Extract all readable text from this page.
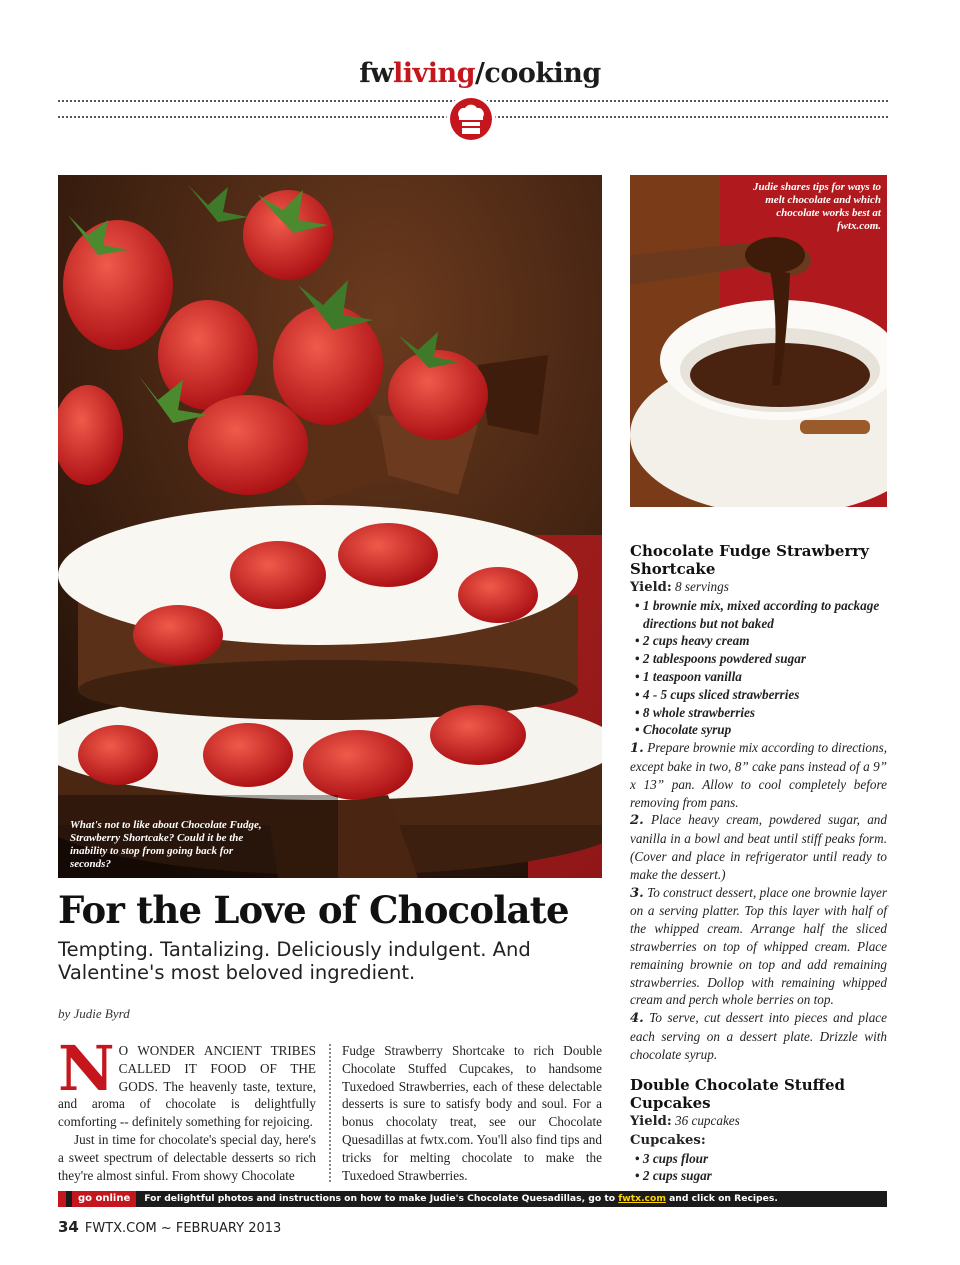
fwliving/cooking
What's not to like about Chocolate Fudge, Strawberry Shortcake? Could it be the inability to stop from going back for seconds?
Judie shares tips for ways to melt chocolate and which chocolate works best at fwtx.com.
For the Love of Chocolate
Tempting. Tantalizing. Deliciously indulgent. And Valentine's most beloved ingredient.
by Judie Byrd

NO WONDER ANCIENT TRIBES CALLED IT FOOD OF THE GODS. The heavenly taste, texture, and aroma of chocolate is delightfully comforting -- definitely something for rejoicing.

Just in time for chocolate's special day, here's a sweet spectrum of delectable desserts so rich they're almost sinful. From showy Chocolate

Fudge Strawberry Shortcake to rich Double Chocolate Stuffed Cupcakes, to handsome Tuxedoed Strawberries, each of these delectable desserts is sure to satisfy body and soul. For a bonus chocolaty treat, see our Chocolate Quesadillas at fwtx.com. You'll also find tips and tricks for melting chocolate to make the Tuxedoed Strawberries.

Chocolate Fudge Strawberry Shortcake
Yield: 8 servings
• 1 brownie mix, mixed according to package directions but not baked
• 2 cups heavy cream
• 2 tablespoons powdered sugar
• 1 teaspoon vanilla
• 4 - 5 cups sliced strawberries
• 8 whole strawberries
• Chocolate syrup
1. Prepare brownie mix according to directions, except bake in two, 8” cake pans instead of a 9” x 13” pan. Allow to cool completely before removing from pans.
2. Place heavy cream, powdered sugar, and vanilla in a bowl and beat until stiff peaks form. (Cover and place in refrigerator until ready to make the dessert.)
3. To construct dessert, place one brownie layer on a serving platter. Top this layer with half of the whipped cream. Arrange half the sliced strawberries on top of whipped cream. Place remaining brownie on top and add remaining strawberries. Dollop with remaining whipped cream and perch whole berries on top.
4. To serve, cut dessert into pieces and place each serving on a dessert plate. Drizzle with chocolate syrup.
Double Chocolate Stuffed Cupcakes
Yield: 36 cupcakes
Cupcakes:
• 3 cups flour
• 2 cups sugar
go online For delightful photos and instructions on how to make Judie's Chocolate Quesadillas, go to fwtx.com and click on Recipes.
34 FWTX.COM ~ FEBRUARY 2013
